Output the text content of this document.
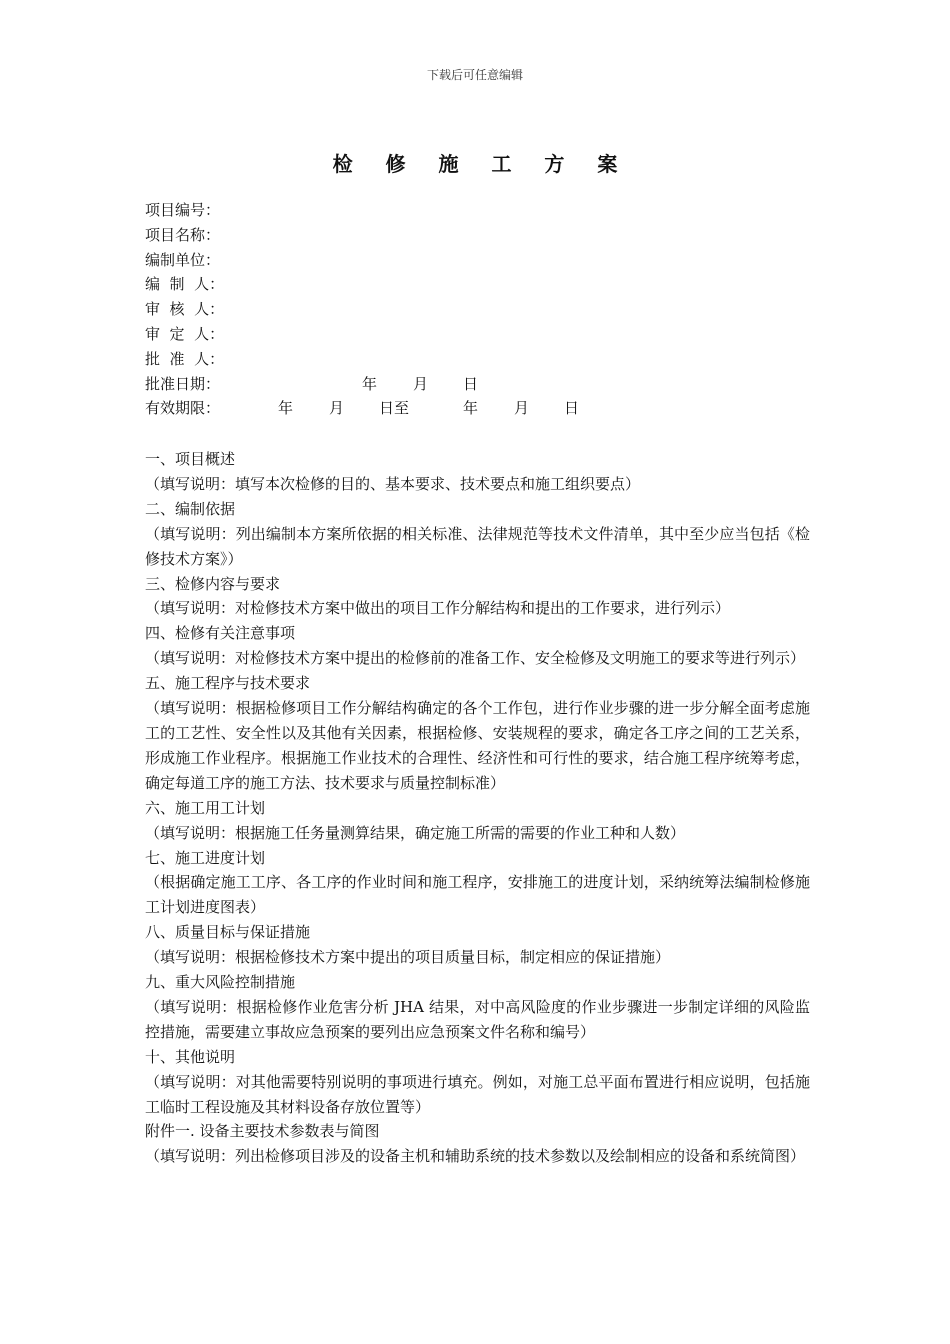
下载后可任意编辑
检 修 施 工 方 案
项目编号：
项目名称：
编制单位：
编  制  人：
审  核  人：
审  定  人：
批  准  人：
批准日期：	年 月 日
有效期限：	年 月 日至	年 月 日

一、项目概述

（填写说明：填写本次检修的目的、基本要求、技术要点和施工组织要点）

二、编制依据

（填写说明：列出编制本方案所依据的相关标准、法律规范等技术文件清单，其中至少应当包括《检修技术方案》）

三、检修内容与要求

（填写说明：对检修技术方案中做出的项目工作分解结构和提出的工作要求，进行列示）

四、检修有关注意事项

（填写说明：对检修技术方案中提出的检修前的准备工作、安全检修及文明施工的要求等进行列示）

五、施工程序与技术要求

（填写说明：根据检修项目工作分解结构确定的各个工作包，进行作业步骤的进一步分解全面考虑施工的工艺性、安全性以及其他有关因素，根据检修、安装规程的要求，确定各工序之间的工艺关系，形成施工作业程序。根据施工作业技术的合理性、经济性和可行性的要求，结合施工程序统筹考虑，确定每道工序的施工方法、技术要求与质量控制标准）

六、施工用工计划

（填写说明：根据施工任务量测算结果，确定施工所需的需要的作业工种和人数）

七、施工进度计划

（根据确定施工工序、各工序的作业时间和施工程序，安排施工的进度计划，采纳统筹法编制检修施工计划进度图表）

八、质量目标与保证措施

（填写说明：根据检修技术方案中提出的项目质量目标，制定相应的保证措施）

九、重大风险控制措施

（填写说明：根据检修作业危害分析 JHA 结果，对中高风险度的作业步骤进一步制定详细的风险监控措施，需要建立事故应急预案的要列出应急预案文件名称和编号）

十、其他说明

（填写说明：对其他需要特别说明的事项进行填充。例如，对施工总平面布置进行相应说明，包括施工临时工程设施及其材料设备存放位置等）

附件一. 设备主要技术参数表与简图

（填写说明：列出检修项目涉及的设备主机和辅助系统的技术参数以及绘制相应的设备和系统简图）
